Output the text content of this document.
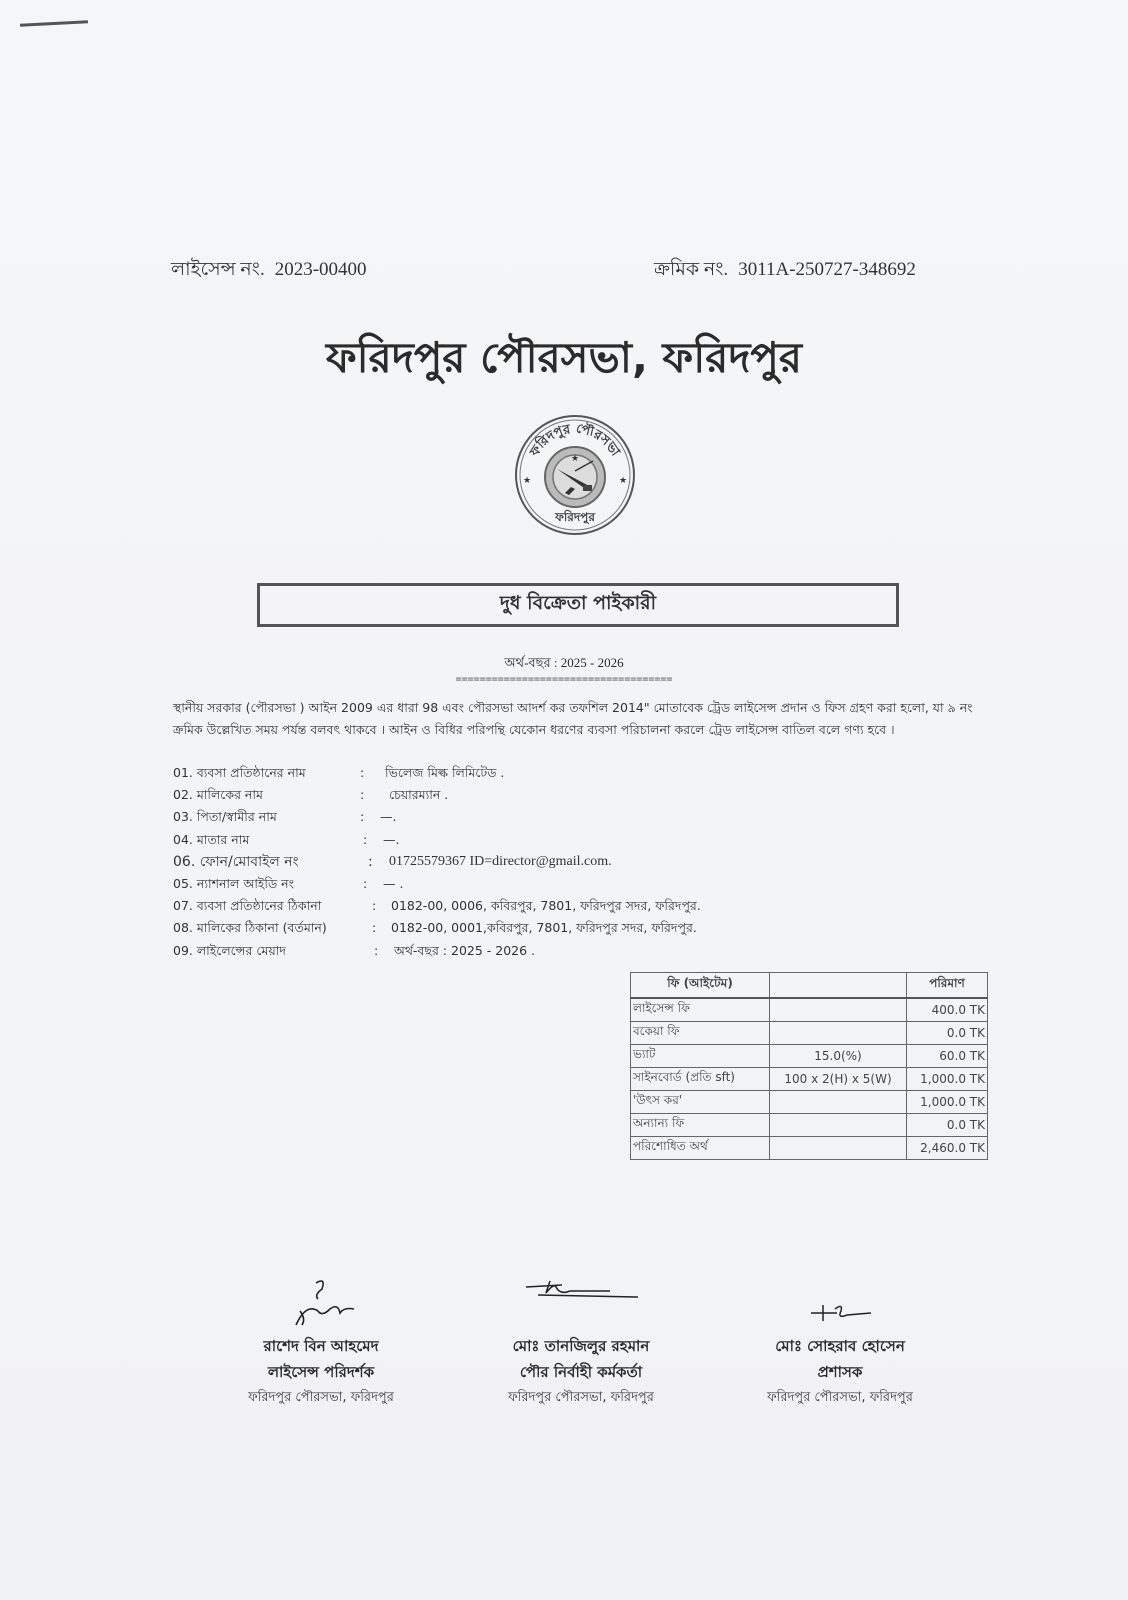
লাইসেন্স নং. 2023-00400	ক্রমিক নং. 3011A-250727-348692
ফরিদপুর পৌরসভা, ফরিদপুর
★
★	★
ফরিদপুর পৌরসভা
ফরিদপুর
দুধ বিক্রেতা পাইকারী
অর্থ-বছর : 2025 - 2026
====================================
স্থানীয় সরকার (পৌরসভা ) আইন 2009 এর ধারা 98 এবং পৌরসভা আদর্শ কর তফশিল 2014" মোতাবেক ট্রেড লাইসেন্স প্রদান ও ফিস গ্রহণ করা হলো, যা ৯ নং ক্রমিক উল্লেখিত সময় পর্যন্ত বলবৎ থাকবে । আইন ও বিধির পরিপন্থি যেকোন ধরণের ব্যবসা পরিচালনা করলে ট্রেড লাইসেন্স বাতিল বলে গণ্য হবে ।
01. ব্যবসা প্রতিষ্ঠানের নাম	: ভিলেজ মিল্ক লিমিটেড .
02. মালিকের নাম	: চেয়ারম্যান .
03. পিতা/স্বামীর নাম	: —.
04. মাতার নাম	: —.
06. ফোন/মোবাইল নং	: 01725579367 ID=director@gmail.com.
05. ন্যাশনাল আইডি নং	: — .
07. ব্যবসা প্রতিষ্ঠানের ঠিকানা	: 0182-00, 0006, কবিরপুর, 7801, ফরিদপুর সদর, ফরিদপুর.
08. মালিকের ঠিকানা (বর্তমান)	: 0182-00, 0001,কবিরপুর, 7801, ফরিদপুর সদর, ফরিদপুর.
09. লাইলেন্সের মেয়াদ	: অর্থ-বছর : 2025 - 2026 .
ফি (আইটেম)		পরিমাণ
লাইসেন্স ফি		400.0 TK
বকেয়া ফি		0.0 TK
ভ্যাট	15.0(%)	60.0 TK
সাইনবোর্ড (প্রতি sft)	100 x 2(H) x 5(W)	1,000.0 TK
'উৎস কর'		1,000.0 TK
অন্যান্য ফি		0.0 TK
পরিশোধিত অর্থ		2,460.0 TK
রাশেদ বিন আহমেদ
লাইসেন্স পরিদর্শক
ফরিদপুর পৌরসভা, ফরিদপুর
মোঃ তানজিলুর রহমান
পৌর নির্বাহী কর্মকর্তা
ফরিদপুর পৌরসভা, ফরিদপুর
মোঃ সোহরাব হোসেন
প্রশাসক
ফরিদপুর পৌরসভা, ফরিদপুর
